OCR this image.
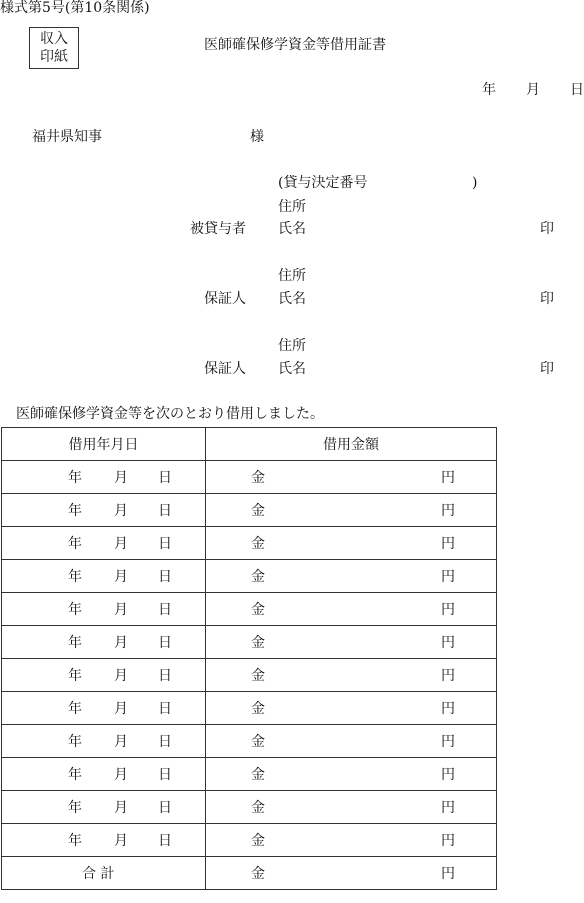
様式第5号(第10条関係)
収入
印紙
医師確保修学資金等借用証書
年 月 日
福井県知事	様
(貸与決定番号	)
住所
被貸与者 氏名	印
住所
保証人 氏名	印
住所
保証人 氏名	印
医師確保修学資金等を次のとおり借用しました。
借用年月日	借用金額

年 月 日	金 円

年 月 日	金 円

年 月 日	金 円

年 月 日	金 円

年 月 日	金 円

年 月 日	金 円

年 月 日	金 円

年 月 日	金 円

年 月 日	金 円

年 月 日	金 円

年 月 日	金 円

年 月 日	金 円

合 計	金 円
